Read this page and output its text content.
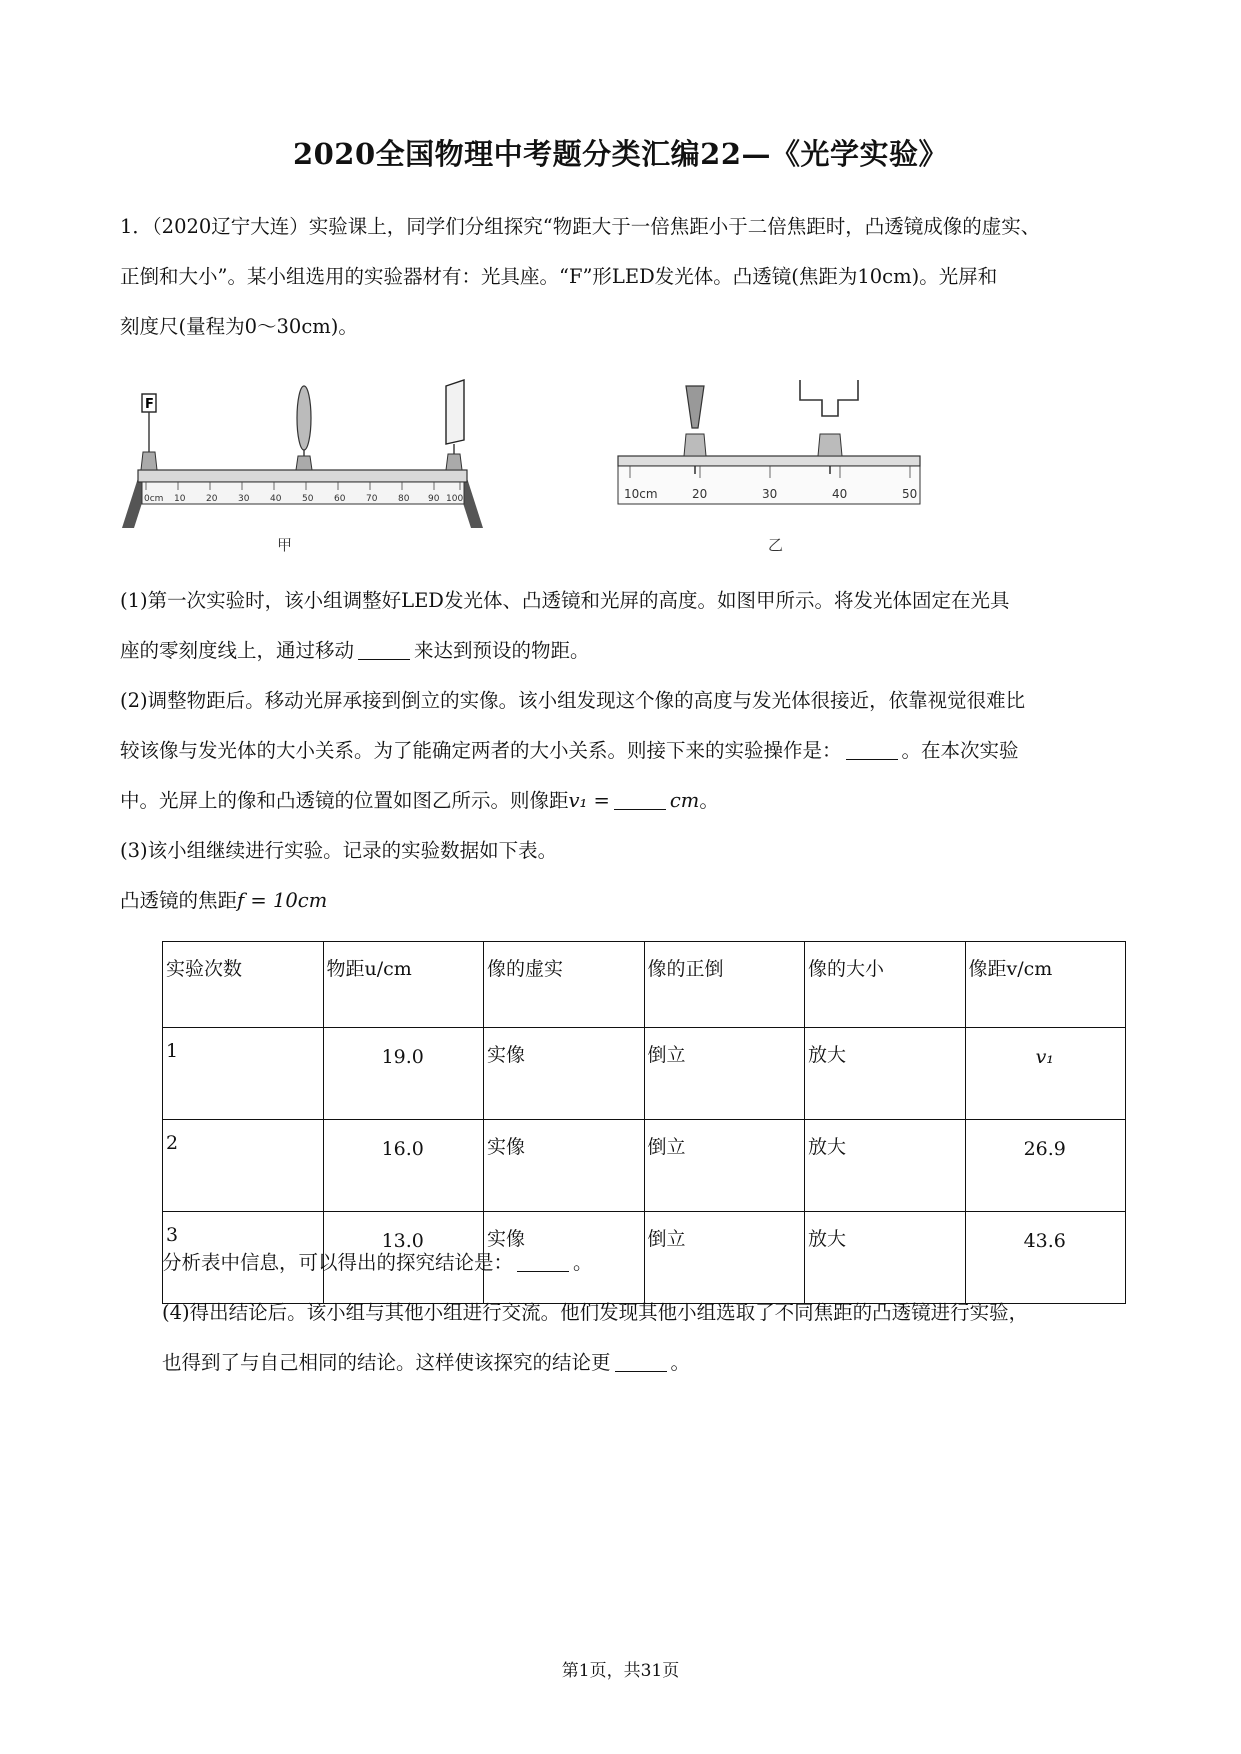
2020全国物理中考题分类汇编22—《光学实验》
1．（2020辽宁大连）实验课上，同学们分组探究“物距大于一倍焦距小于二倍焦距时，凸透镜成像的虚实、
正倒和大小”。某小组选用的实验器材有：光具座。“F”形LED发光体。凸透镜(焦距为10cm)。光屏和
刻度尺(量程为0～30cm)。
0cm 10 20 30 40 50 60 70 80 90 100
F
甲
10cm	20	30	40	50
乙
(1)第一次实验时，该小组调整好LED发光体、凸透镜和光屏的高度。如图甲所示。将发光体固定在光具
座的零刻度线上，通过移动	来达到预设的物距。
(2)调整物距后。移动光屏承接到倒立的实像。该小组发现这个像的高度与发光体很接近，依靠视觉很难比
较该像与发光体的大小关系。为了能确定两者的大小关系。则接下来的实验操作是：	。在本次实验
中。光屏上的像和凸透镜的位置如图乙所示。则像距v₁ =	cm。
(3)该小组继续进行实验。记录的实验数据如下表。
凸透镜的焦距f = 10cm
实验次数	物距u/cm	像的虚实	像的正倒	像的大小	像距v/cm
1	19.0	实像	倒立	放大	v₁
2	16.0	实像	倒立	放大	26.9
3	13.0	实像	倒立	放大	43.6
分析表中信息，可以得出的探究结论是：	。
(4)得出结论后。该小组与其他小组进行交流。他们发现其他小组选取了不同焦距的凸透镜进行实验，
也得到了与自己相同的结论。这样使该探究的结论更	。
第1页，共31页
